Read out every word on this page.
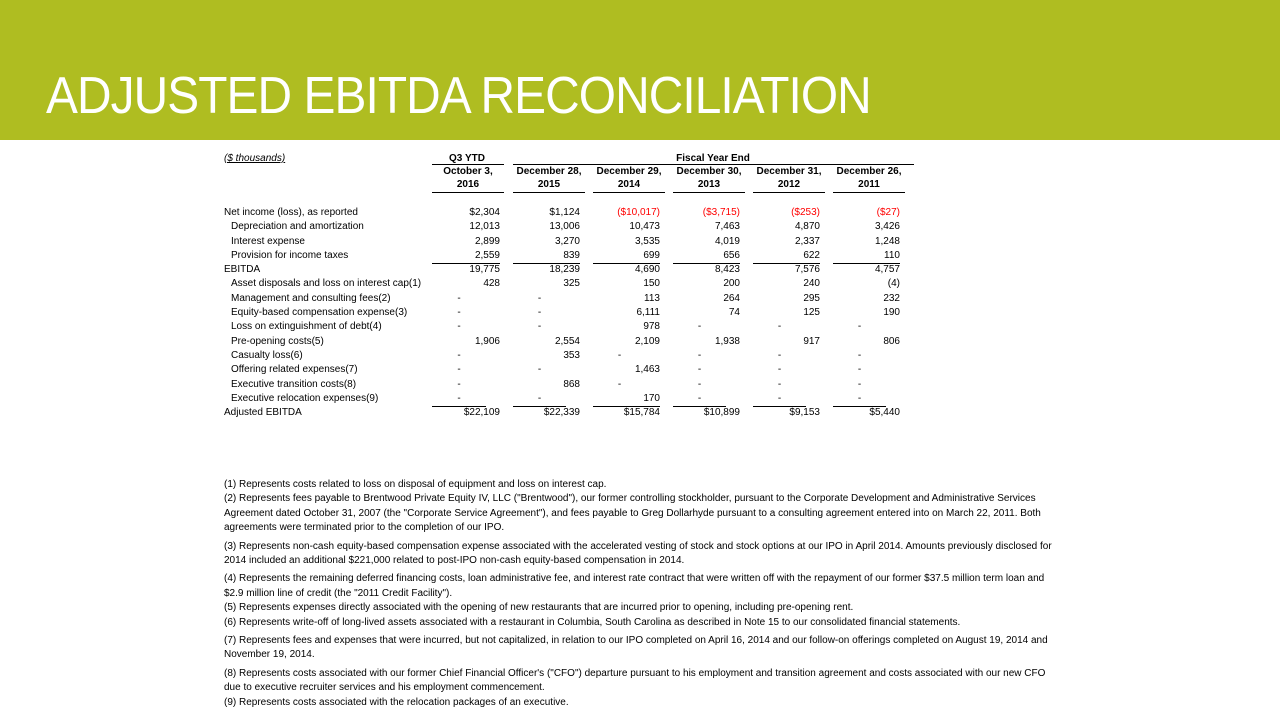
ADJUSTED EBITDA RECONCILIATION
($ thousands)	Q3 YTD	Fiscal Year End
October 3,	December 28,	December 29,	December 30,	December 31,	December 26,
2016	2015	2014	2013	2012	2011
Net income (loss), as reported	$2,304	$1,124	($10,017)	($3,715)	($253)	($27)
Depreciation and amortization	12,013	13,006	10,473	7,463	4,870	3,426
Interest expense	2,899	3,270	3,535	4,019	2,337	1,248
Provision for income taxes	2,559	839	699	656	622	110
EBITDA	19,775	18,239	4,690	8,423	7,576	4,757
Asset disposals and loss on interest cap(1)	428	325	150	200	240	(4)
Management and consulting fees(2)	-	-	113	264	295	232
Equity-based compensation expense(3)	-	-	6,111	74	125	190
Loss on extinguishment of debt(4)	-	-	978	-	-	-
Pre-opening costs(5)	1,906	2,554	2,109	1,938	917	806
Casualty loss(6)	-	353	-	-	-	-
Offering related expenses(7)	-	-	1,463	-	-	-
Executive transition costs(8)	-	868	-	-	-	-
Executive relocation expenses(9)	-	-	170	-	-	-
Adjusted EBITDA	$22,109	$22,339	$15,784	$10,899	$9,153	$5,440

(1) Represents costs related to loss on disposal of equipment and loss on interest cap.

(2) Represents fees payable to Brentwood Private Equity IV, LLC ("Brentwood"), our former controlling stockholder, pursuant to the Corporate Development and Administrative Services Agreement dated October 31, 2007 (the "Corporate Service Agreement"), and fees payable to Greg Dollarhyde pursuant to a consulting agreement entered into on March 22, 2011. Both agreements were terminated prior to the completion of our IPO.

(3) Represents non-cash equity-based compensation expense associated with the accelerated vesting of stock and stock options at our IPO in April 2014. Amounts previously disclosed for 2014 included an additional $221,000 related to post-IPO non-cash equity-based compensation in 2014.

(4) Represents the remaining deferred financing costs, loan administrative fee, and interest rate contract that were written off with the repayment of our former $37.5 million term loan and $2.9 million line of credit (the "2011 Credit Facility").

(5) Represents expenses directly associated with the opening of new restaurants that are incurred prior to opening, including pre-opening rent.

(6) Represents write-off of long-lived assets associated with a restaurant in Columbia, South Carolina as described in Note 15 to our consolidated financial statements.

(7) Represents fees and expenses that were incurred, but not capitalized, in relation to our IPO completed on April 16, 2014 and our follow-on offerings completed on August 19, 2014 and November 19, 2014.

(8) Represents costs associated with our former Chief Financial Officer's ("CFO") departure pursuant to his employment and transition agreement and costs associated with our new CFO due to executive recruiter services and his employment commencement.

(9) Represents costs associated with the relocation packages of an executive.
